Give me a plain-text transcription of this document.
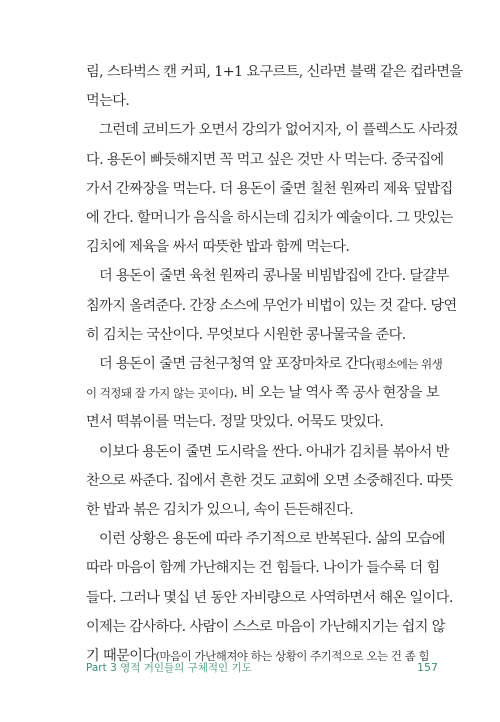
림, 스타벅스 캔 커피, 1+1 요구르트, 신라면 블랙 같은 컵라면을

먹는다.

그런데 코비드가 오면서 강의가 없어지자, 이 플렉스도 사라졌

다. 용돈이 빠듯해지면 꼭 먹고 싶은 것만 사 먹는다. 중국집에

가서 간짜장을 먹는다. 더 용돈이 줄면 칠천 원짜리 제육 덮밥집

에 간다. 할머니가 음식을 하시는데 김치가 예술이다. 그 맛있는

김치에 제육을 싸서 따뜻한 밥과 함께 먹는다.

더 용돈이 줄면 육천 원짜리 콩나물 비빔밥집에 간다. 달걀부

침까지 올려준다. 간장 소스에 무언가 비법이 있는 것 같다. 당연

히 김치는 국산이다. 무엇보다 시원한 콩나물국을 준다.

더 용돈이 줄면 금천구청역 앞 포장마차로 간다(평소에는 위생

이 걱정돼 잘 가지 않는 곳이다). 비 오는 날 역사 쪽 공사 현장을 보

면서 떡볶이를 먹는다. 정말 맛있다. 어묵도 맛있다.

이보다 용돈이 줄면 도시락을 싼다. 아내가 김치를 볶아서 반

찬으로 싸준다. 집에서 흔한 것도 교회에 오면 소중해진다. 따뜻

한 밥과 볶은 김치가 있으니, 속이 든든해진다.

이런 상황은 용돈에 따라 주기적으로 반복된다. 삶의 모습에

따라 마음이 함께 가난해지는 건 힘들다. 나이가 들수록 더 힘

들다. 그러나 몇십 년 동안 자비량으로 사역하면서 해온 일이다.

이제는 감사하다. 사람이 스스로 마음이 가난해지기는 쉽지 않

기 때문이다(마음이 가난해져야 하는 상황이 주기적으로 오는 건 좀 힘

Part 3 영적 거인들의 구체적인 기도	157
